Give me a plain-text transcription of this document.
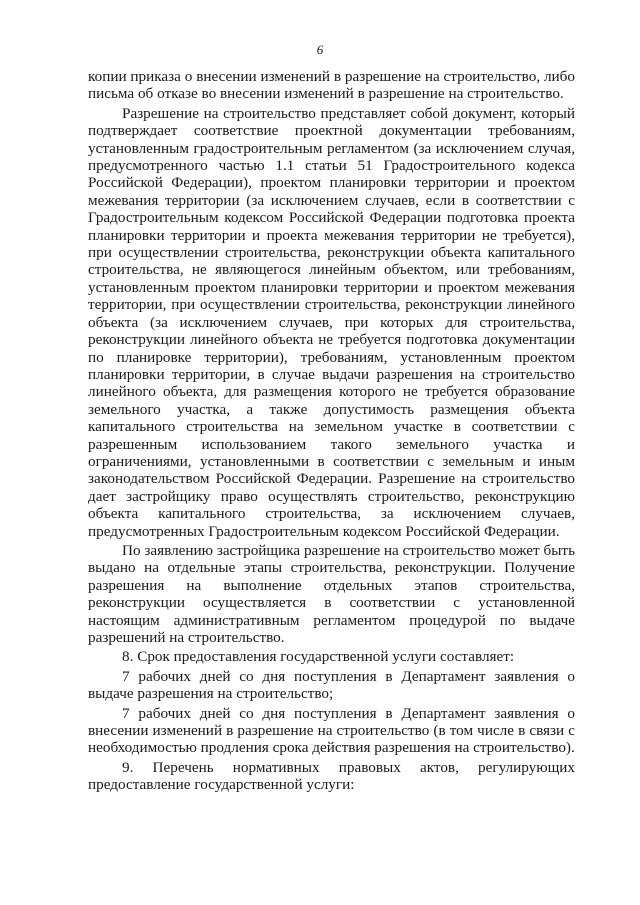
6

копии приказа о внесении изменений в разрешение на строительство, либо письма об отказе во внесении изменений в разрешение на строительство.

Разрешение на строительство представляет собой документ, который подтверждает соответствие проектной документации требованиям, установленным градостроительным регламентом (за исключением случая, предусмотренного частью 1.1 статьи 51 Градостроительного кодекса Российской Федерации), проектом планировки территории и проектом межевания территории (за исключением случаев, если в соответствии с Градостроительным кодексом Российской Федерации подготовка проекта планировки территории и проекта межевания территории не требуется), при осуществлении строительства, реконструкции объекта капитального строительства, не являющегося линейным объектом, или требованиям, установленным проектом планировки территории и проектом межевания территории, при осуществлении строительства, реконструкции линейного объекта (за исключением случаев, при которых для строительства, реконструкции линейного объекта не требуется подготовка документации по планировке территории), требованиям, установленным проектом планировки территории, в случае выдачи разрешения на строительство линейного объекта, для размещения которого не требуется образование земельного участка, а также допустимость размещения объекта капитального строительства на земельном участке в соответствии с разрешенным использованием такого земельного участка и ограничениями, установленными в соответствии с земельным и иным законодательством Российской Федерации. Разрешение на строительство дает застройщику право осуществлять строительство, реконструкцию объекта капитального строительства, за исключением случаев, предусмотренных Градостроительным кодексом Российской Федерации.

По заявлению застройщика разрешение на строительство может быть выдано на отдельные этапы строительства, реконструкции. Получение разрешения на выполнение отдельных этапов строительства, реконструкции осуществляется в соответствии с установленной настоящим административным регламентом процедурой по выдаче разрешений на строительство.

8. Срок предоставления государственной услуги составляет:

7 рабочих дней со дня поступления в Департамент заявления о выдаче разрешения на строительство;

7 рабочих дней со дня поступления в Департамент заявления о внесении изменений в разрешение на строительство (в том числе в связи с необходимостью продления срока действия разрешения на строительство).

9. Перечень нормативных правовых актов, регулирующих предоставление государственной услуги:
